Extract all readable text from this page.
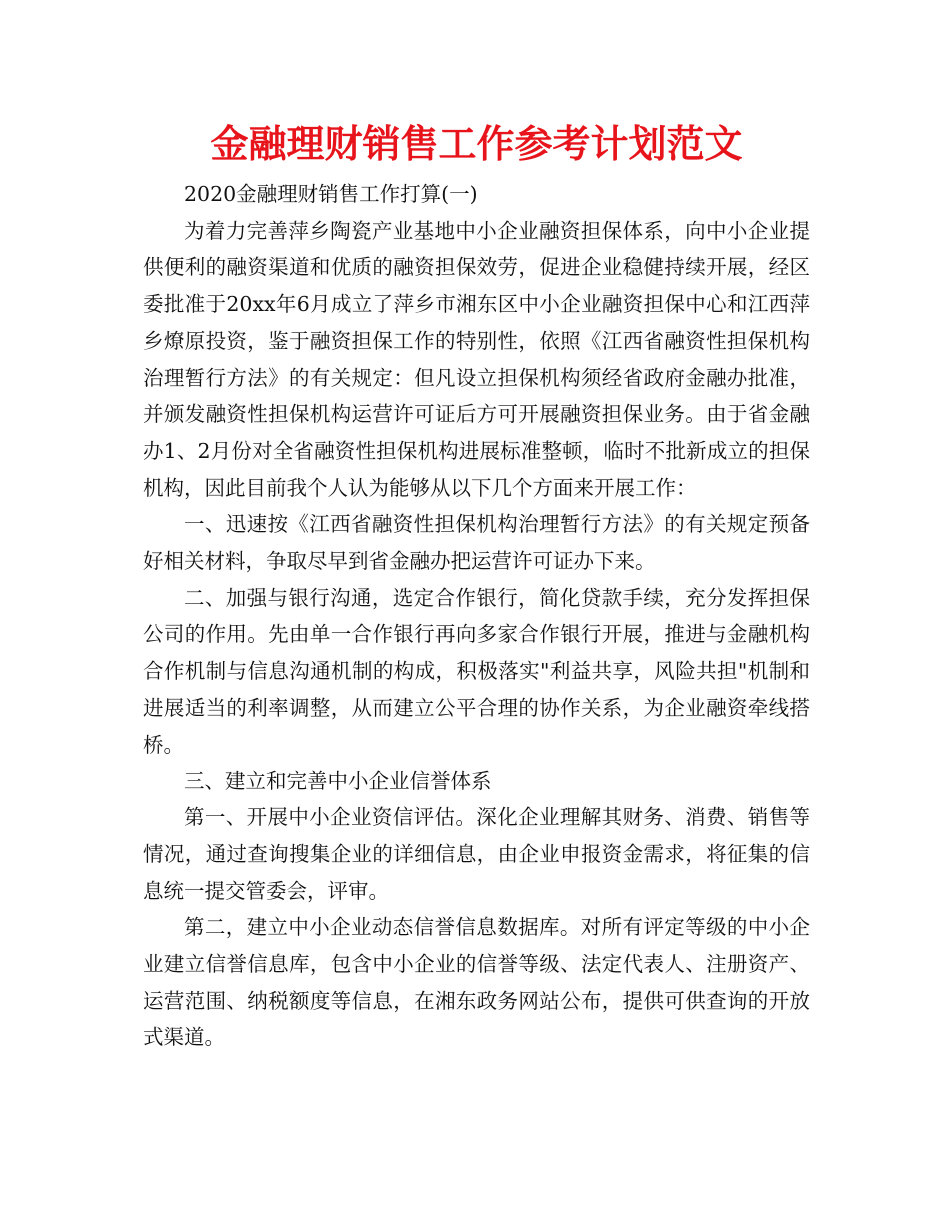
金融理财销售工作参考计划范文

2020金融理财销售工作打算(一)

为着力完善萍乡陶瓷产业基地中小企业融资担保体系，向中小企业提供便利的融资渠道和优质的融资担保效劳，促进企业稳健持续开展，经区委批准于20xx年6月成立了萍乡市湘东区中小企业融资担保中心和江西萍乡燎原投资，鉴于融资担保工作的特别性，依照《江西省融资性担保机构治理暂行方法》的有关规定：但凡设立担保机构须经省政府金融办批准，并颁发融资性担保机构运营许可证后方可开展融资担保业务。由于省金融办1、2月份对全省融资性担保机构进展标准整顿，临时不批新成立的担保机构，因此目前我个人认为能够从以下几个方面来开展工作：

一、迅速按《江西省融资性担保机构治理暂行方法》的有关规定预备好相关材料，争取尽早到省金融办把运营许可证办下来。

二、加强与银行沟通，选定合作银行，简化贷款手续，充分发挥担保公司的作用。先由单一合作银行再向多家合作银行开展，推进与金融机构合作机制与信息沟通机制的构成，积极落实"利益共享，风险共担"机制和进展适当的利率调整，从而建立公平合理的协作关系，为企业融资牵线搭桥。

三、建立和完善中小企业信誉体系

第一、开展中小企业资信评估。深化企业理解其财务、消费、销售等情况，通过查询搜集企业的详细信息，由企业申报资金需求，将征集的信息统一提交管委会，评审。

第二，建立中小企业动态信誉信息数据库。对所有评定等级的中小企业建立信誉信息库，包含中小企业的信誉等级、法定代表人、注册资产、运营范围、纳税额度等信息，在湘东政务网站公布，提供可供查询的开放式渠道。
